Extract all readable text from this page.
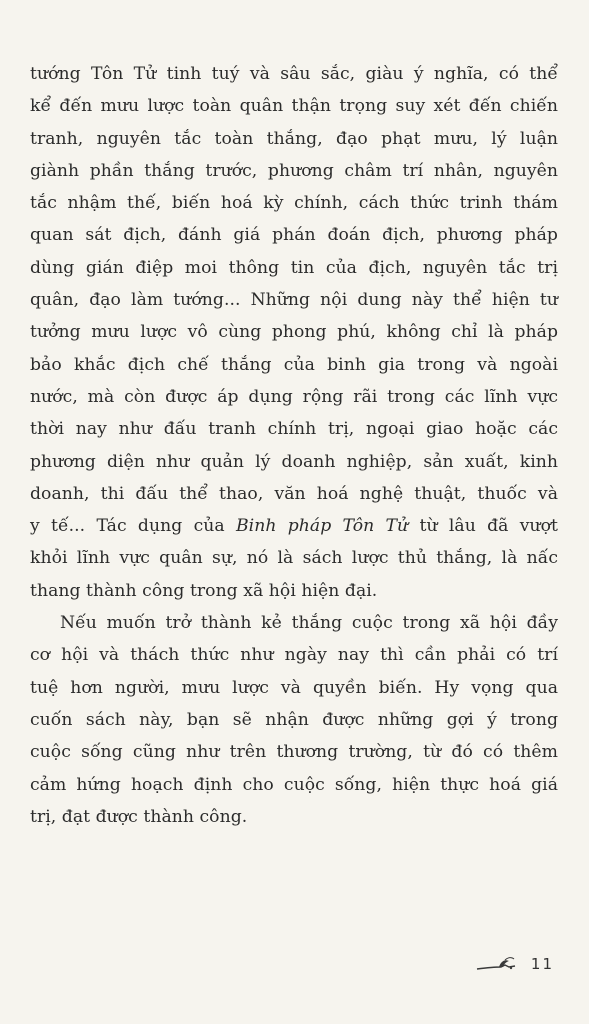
tướng Tôn Tử tinh tuý và sâu sắc, giàu ý nghĩa, có thể
kể đến mưu lược toàn quân thận trọng suy xét đến chiến
tranh, nguyên tắc toàn thắng, đạo phạt mưu, lý luận
giành phần thắng trước, phương châm trí nhân, nguyên
tắc nhậm thế, biến hoá kỳ chính, cách thức trinh thám
quan sát địch, đánh giá phán đoán địch, phương pháp
dùng gián điệp moi thông tin của địch, nguyên tắc trị
quân, đạo làm tướng... Những nội dung này thể hiện tư
tưởng mưu lược vô cùng phong phú, không chỉ là pháp
bảo khắc địch chế thắng của binh gia trong và ngoài
nước, mà còn được áp dụng rộng rãi trong các lĩnh vực
thời nay như đấu tranh chính trị, ngoại giao hoặc các
phương diện như quản lý doanh nghiệp, sản xuất, kinh
doanh, thi đấu thể thao, văn hoá nghệ thuật, thuốc và
y tế... Tác dụng của Binh pháp Tôn Tử từ lâu đã vượt
khỏi lĩnh vực quân sự, nó là sách lược thủ thắng, là nấc
thang thành công trong xã hội hiện đại.
Nếu muốn trở thành kẻ thắng cuộc trong xã hội đầy
cơ hội và thách thức như ngày nay thì cần phải có trí
tuệ hơn người, mưu lược và quyền biến. Hy vọng qua
cuốn sách này, bạn sẽ nhận được những gợi ý trong
cuộc sống cũng như trên thương trường, từ đó có thêm
cảm hứng hoạch định cho cuộc sống, hiện thực hoá giá
trị, đạt được thành công.
11
